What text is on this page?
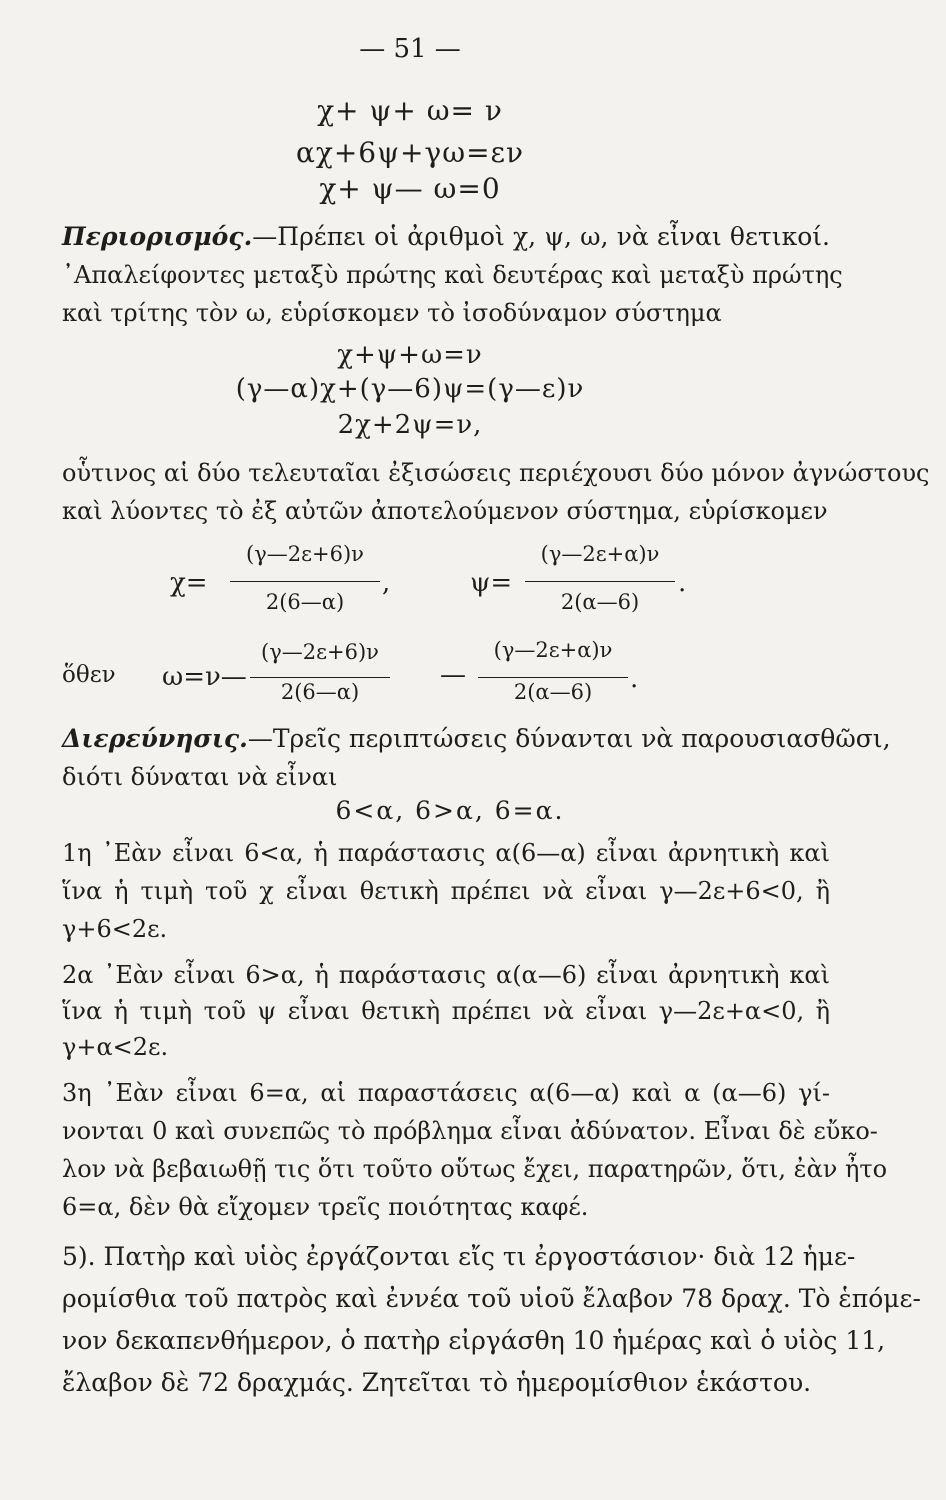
— 51 —
χ+ ψ+ ω= ν
αχ+6ψ+γω=εν
χ+ ψ— ω=0
Περιορισμός.—Πρέπει οἱ ἀριθμοὶ χ, ψ, ω, νὰ εἶναι θετικοί.
᾿Απαλείφοντες μεταξὺ πρώτης καὶ δευτέρας καὶ μεταξὺ πρώτης
καὶ τρίτης τὸν ω, εὑρίσκομεν τὸ ἰσοδύναμον σύστημα
χ+ψ+ω=ν
(γ—α)χ+(γ—6)ψ=(γ—ε)ν
2χ+2ψ=ν,
οὗτινος αἱ δύο τελευταῖαι ἐξισώσεις περιέχουσι δύο μόνον ἀγνώστους
καὶ λύοντες τὸ ἐξ αὐτῶν ἀποτελούμενον σύστημα, εὑρίσκομεν
χ=
(γ—2ε+6)ν
2(6—α)
,	ψ=
(γ—2ε+α)ν
2(α—6)
.
ὅθεν ω=ν—
(γ—2ε+6)ν
2(6—α)
—
(γ—2ε+α)ν
2(α—6)	.
Διερεύνησις.—Τρεῖς περιπτώσεις δύνανται νὰ παρουσιασθῶσι,
διότι δύναται νὰ εἶναι
6<α, 6>α, 6=α.
1η ᾿Εὰν εἶναι 6<α, ἡ παράστασις α(6—α) εἶναι ἀρνητικὴ καὶ
ἵνα ἡ τιμὴ τοῦ χ εἶναι θετικὴ πρέπει νὰ εἶναι γ—2ε+6<0, ἢ
γ+6<2ε.
2α ᾿Εὰν εἶναι 6>α, ἡ παράστασις α(α—6) εἶναι ἀρνητικὴ καὶ
ἵνα ἡ τιμὴ τοῦ ψ εἶναι θετικὴ πρέπει νὰ εἶναι γ—2ε+α<0, ἢ
γ+α<2ε.
3η ᾿Εὰν εἶναι 6=α, αἱ παραστάσεις α(6—α) καὶ α (α—6) γί-
νονται 0 καὶ συνεπῶς τὸ πρόβλημα εἶναι ἀδύνατον. Εἶναι δὲ εὔκο-
λον νὰ βεβαιωθῇ τις ὅτι τοῦτο οὕτως ἔχει, παρατηρῶν, ὅτι, ἐὰν ἦτο
6=α, δὲν θὰ εἴχομεν τρεῖς ποιότητας καφέ.
5). Πατὴρ καὶ υἱὸς ἐργάζονται εἴς τι ἐργοστάσιον· διὰ 12 ἡμε-
ρομίσθια τοῦ πατρὸς καὶ ἐννέα τοῦ υἱοῦ ἔλαβον 78 δραχ. Τὸ ἑπόμε-
νον δεκαπενθήμερον, ὁ πατὴρ εἰργάσθη 10 ἡμέρας καὶ ὁ υἱὸς 11,
ἔλαβον δὲ 72 δραχμάς. Ζητεῖται τὸ ἡμερομίσθιον ἑκάστου.
